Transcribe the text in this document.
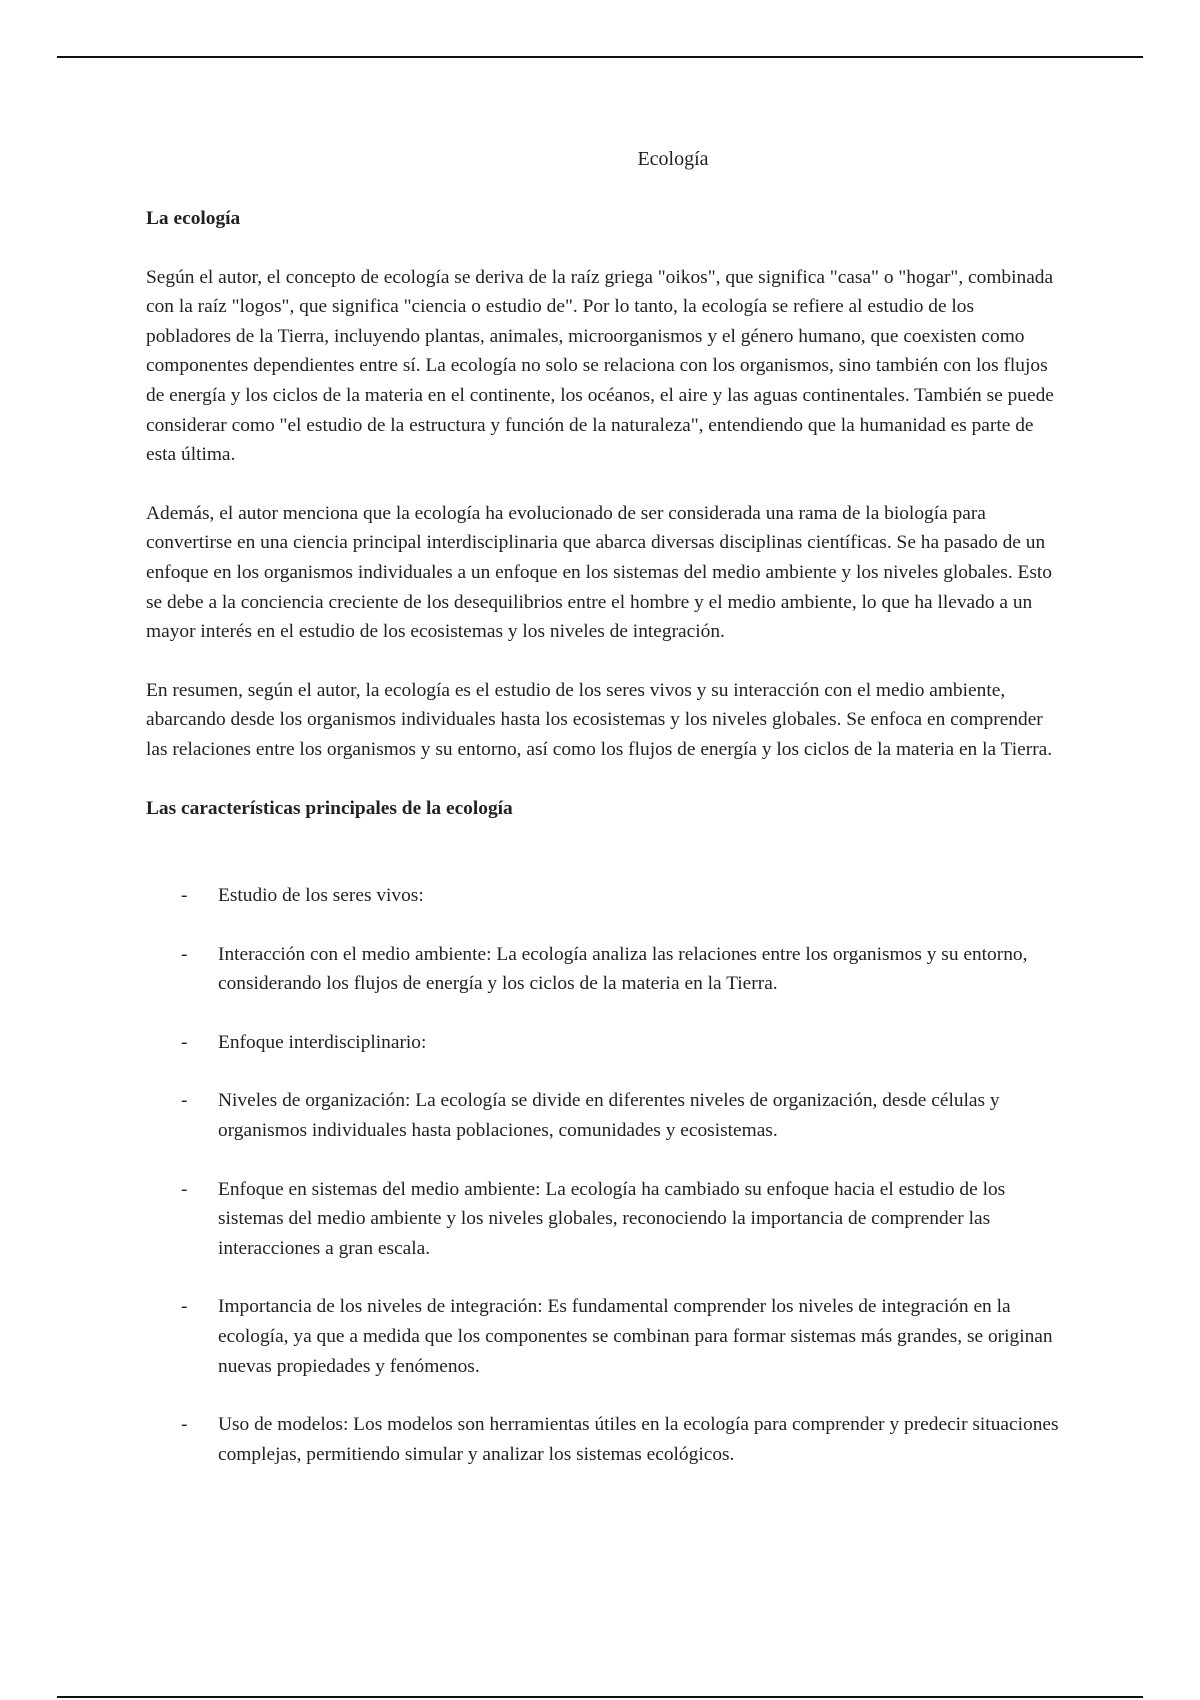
Ecología
La ecología

Según el autor, el concepto de ecología se deriva de la raíz griega "oikos", que significa "casa" o "hogar", combinada con la raíz "logos", que significa "ciencia o estudio de". Por lo tanto, la ecología se refiere al estudio de los pobladores de la Tierra, incluyendo plantas, animales, microorganismos y el género humano, que coexisten como componentes dependientes entre sí. La ecología no solo se relaciona con los organismos, sino también con los flujos de energía y los ciclos de la materia en el continente, los océanos, el aire y las aguas continentales. También se puede considerar como "el estudio de la estructura y función de la naturaleza", entendiendo que la humanidad es parte de esta última.

Además, el autor menciona que la ecología ha evolucionado de ser considerada una rama de la biología para convertirse en una ciencia principal interdisciplinaria que abarca diversas disciplinas científicas. Se ha pasado de un enfoque en los organismos individuales a un enfoque en los sistemas del medio ambiente y los niveles globales. Esto se debe a la conciencia creciente de los desequilibrios entre el hombre y el medio ambiente, lo que ha llevado a un mayor interés en el estudio de los ecosistemas y los niveles de integración.

En resumen, según el autor, la ecología es el estudio de los seres vivos y su interacción con el medio ambiente, abarcando desde los organismos individuales hasta los ecosistemas y los niveles globales. Se enfoca en comprender las relaciones entre los organismos y su entorno, así como los flujos de energía y los ciclos de la materia en la Tierra.

Las características principales de la ecología
- Estudio de los seres vivos:
- Interacción con el medio ambiente: La ecología analiza las relaciones entre los organismos y su entorno, considerando los flujos de energía y los ciclos de la materia en la Tierra.
- Enfoque interdisciplinario:
- Niveles de organización: La ecología se divide en diferentes niveles de organización, desde células y organismos individuales hasta poblaciones, comunidades y ecosistemas.
- Enfoque en sistemas del medio ambiente: La ecología ha cambiado su enfoque hacia el estudio de los sistemas del medio ambiente y los niveles globales, reconociendo la importancia de comprender las interacciones a gran escala.
- Importancia de los niveles de integración: Es fundamental comprender los niveles de integración en la ecología, ya que a medida que los componentes se combinan para formar sistemas más grandes, se originan nuevas propiedades y fenómenos.
- Uso de modelos: Los modelos son herramientas útiles en la ecología para comprender y predecir situaciones complejas, permitiendo simular y analizar los sistemas ecológicos.
